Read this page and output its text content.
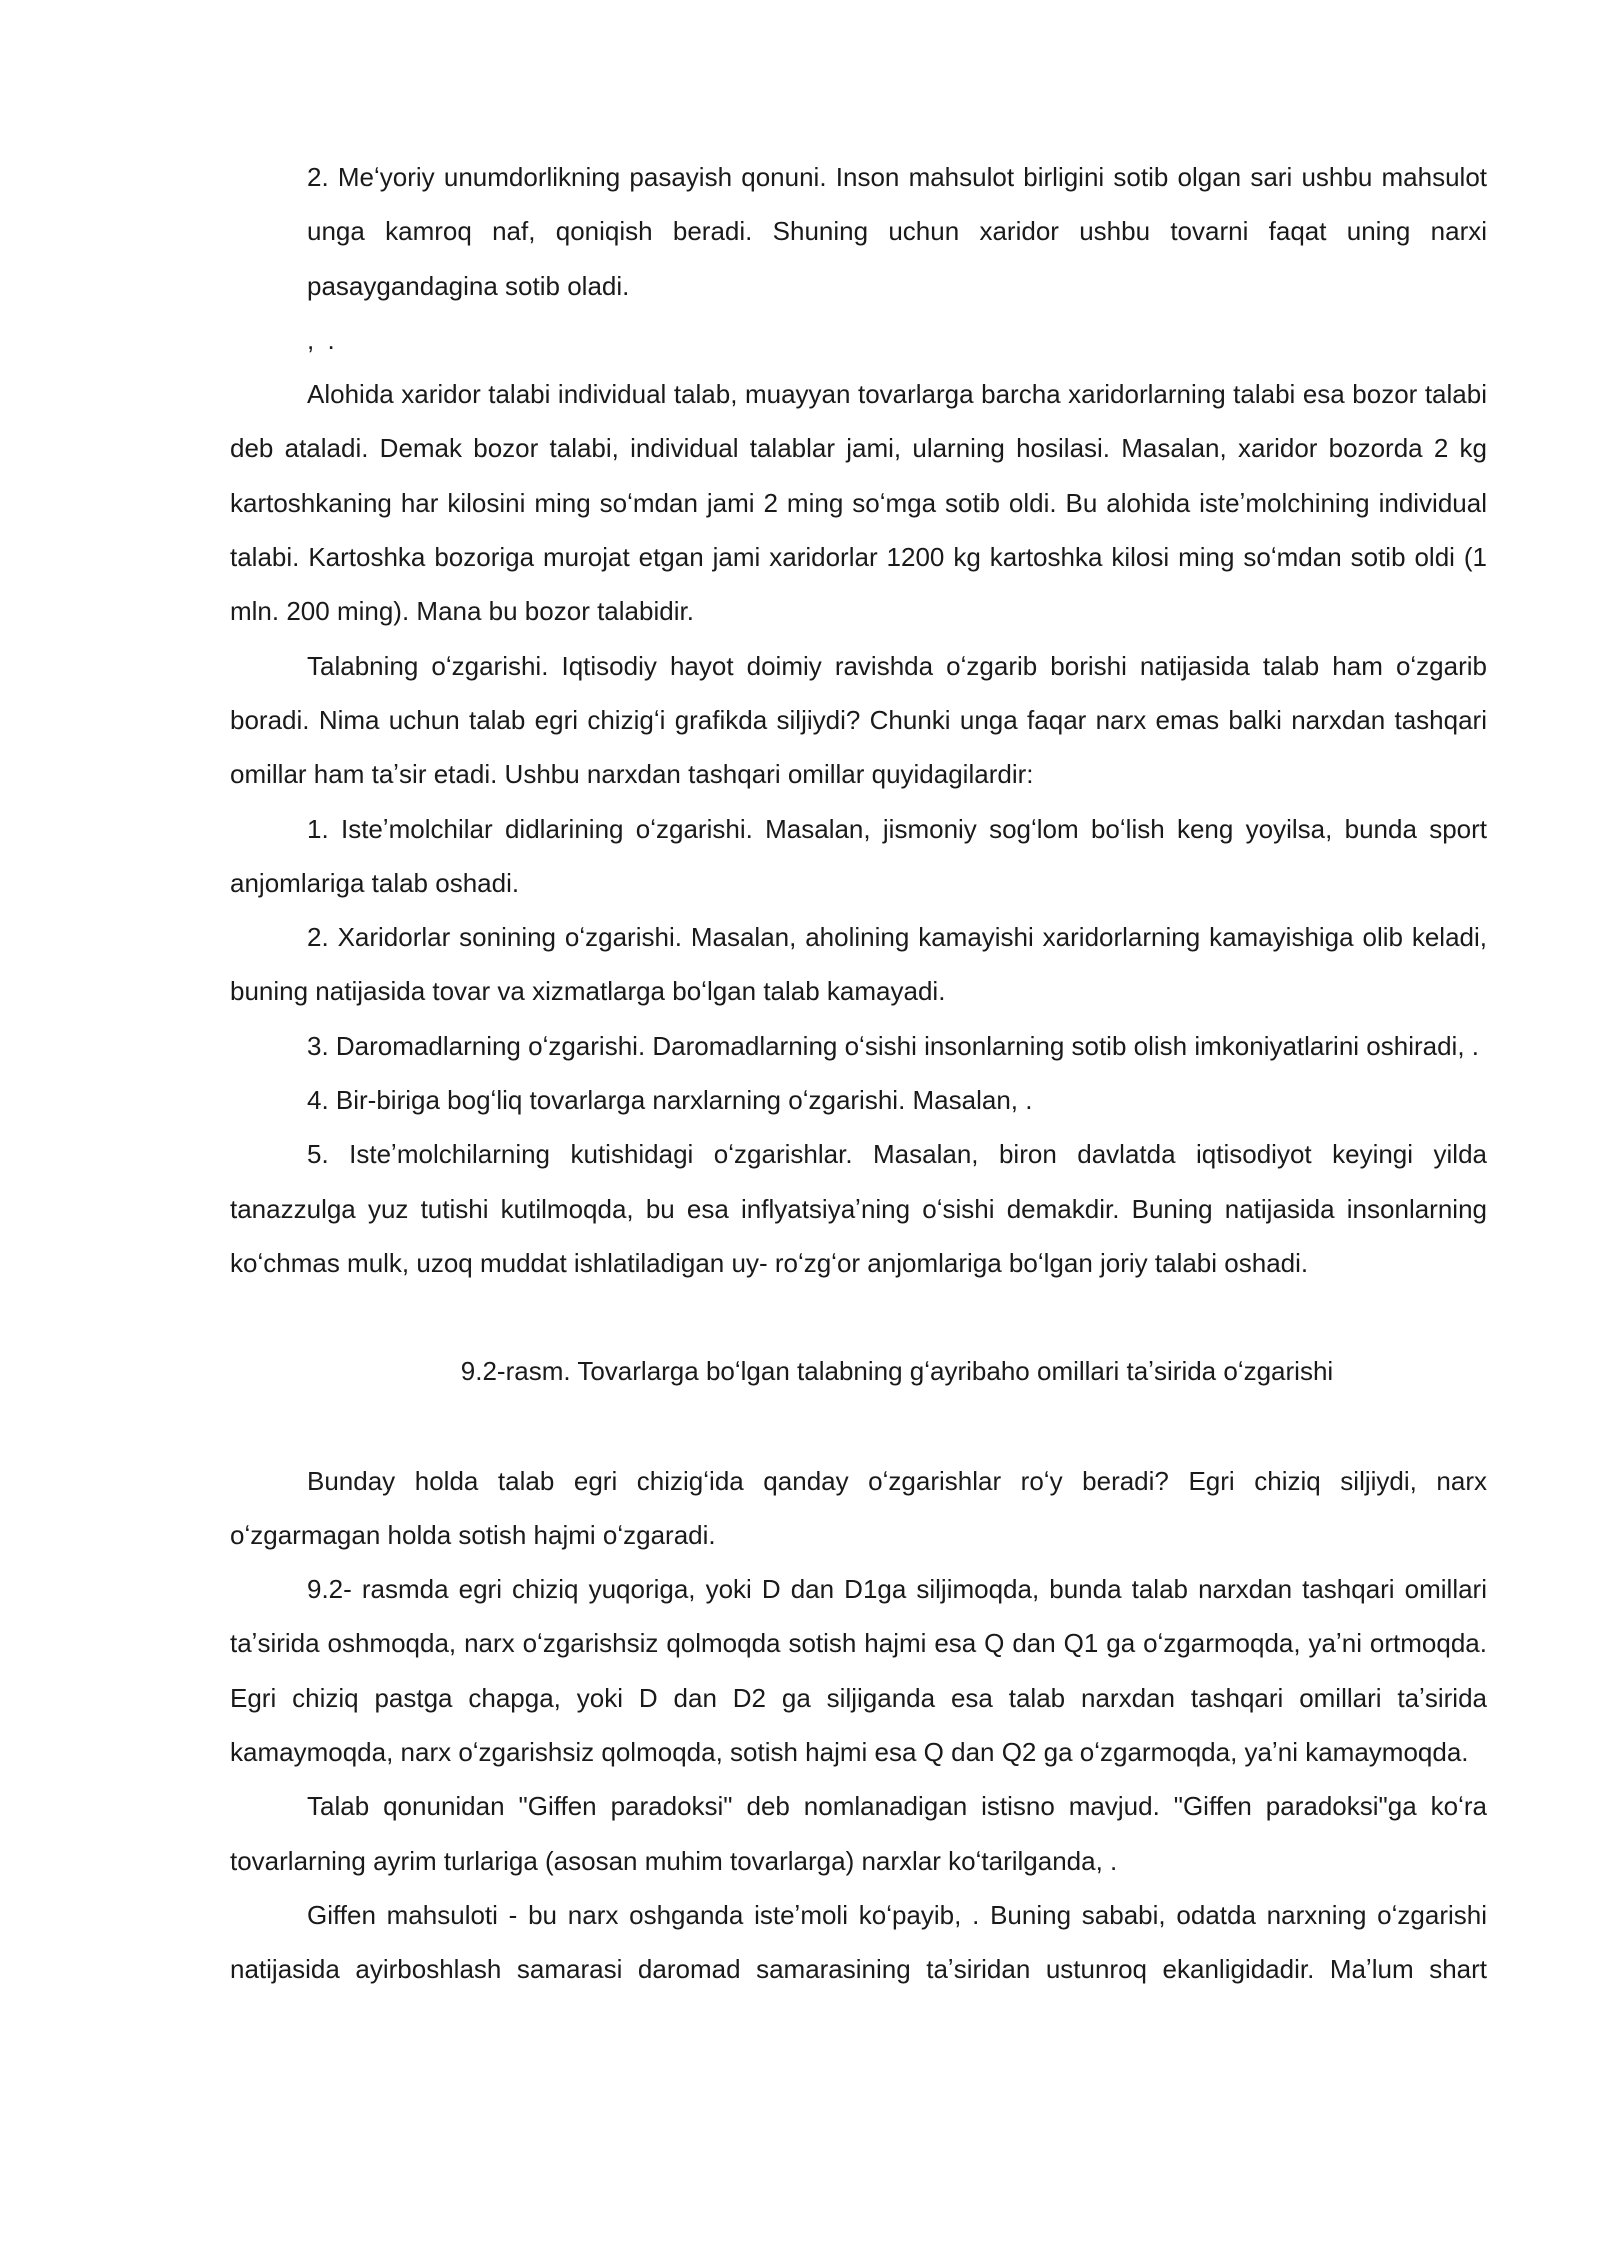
2. Meʻyoriy unumdorlikning pasayish qonuni. Inson mahsulot birligini sotib olgan sari ushbu mahsulot unga kamroq naf, qoniqish beradi. Shuning uchun xaridor ushbu tovarni faqat uning narxi pasaygandagina sotib oladi.

, .

Alohida xaridor talabi individual talab, muayyan tovarlarga barcha xaridorlarning talabi esa bozor talabi deb ataladi. Demak bozor talabi, individual talablar jami, ularning hosilasi. Masalan, xaridor bozorda 2 kg kartoshkaning har kilosini ming soʻmdan jami 2 ming soʻmga sotib oldi. Bu alohida isteʼmolchining individual talabi. Kartoshka bozoriga murojat etgan jami xaridorlar 1200 kg kartoshka kilosi ming soʻmdan sotib oldi (1 mln. 200 ming). Mana bu bozor talabidir.

Talabning oʻzgarishi. Iqtisodiy hayot doimiy ravishda oʻzgarib borishi natijasida talab ham oʻzgarib boradi. Nima uchun talab egri chizigʻi grafikda siljiydi? Chunki unga faqar narx emas balki narxdan tashqari omillar ham taʼsir etadi. Ushbu narxdan tashqari omillar quyidagilardir:

1. Isteʼmolchilar didlarining oʻzgarishi. Masalan, jismoniy sogʻlom boʻlish keng yoyilsa, bunda sport anjomlariga talab oshadi.

2. Xaridorlar sonining oʻzgarishi. Masalan, aholining kamayishi xaridorlarning kamayishiga olib keladi, buning natijasida tovar va xizmatlarga boʻlgan talab kamayadi.

3. Daromadlarning oʻzgarishi. Daromadlarning oʻsishi insonlarning sotib olish imkoniyatlarini oshiradi, .

4. Bir-biriga bogʻliq tovarlarga narxlarning oʻzgarishi. Masalan, .

5. Isteʼmolchilarning kutishidagi oʻzgarishlar. Masalan, biron davlatda iqtisodiyot keyingi yilda tanazzulga yuz tutishi kutilmoqda, bu esa inflyatsiyaʼning oʻsishi demakdir. Buning natijasida insonlarning koʻchmas mulk, uzoq muddat ishlatiladigan uy- roʻzgʻor anjomlariga boʻlgan joriy talabi oshadi.

9.2-rasm. Tovarlarga boʻlgan talabning gʻayribaho omillari taʼsirida oʻzgarishi

Bunday holda talab egri chizigʻida qanday oʻzgarishlar roʻy beradi? Egri chiziq siljiydi, narx oʻzgarmagan holda sotish hajmi oʻzgaradi.

9.2- rasmda egri chiziq yuqoriga, yoki D dan D1ga siljimoqda, bunda talab narxdan tashqari omillari taʼsirida oshmoqda, narx oʻzgarishsiz qolmoqda sotish hajmi esa Q dan Q1 ga oʻzgarmoqda, yaʼni ortmoqda. Egri chiziq pastga chapga, yoki D dan D2 ga siljiganda esa talab narxdan tashqari omillari taʼsirida kamaymoqda, narx oʻzgarishsiz qolmoqda, sotish hajmi esa Q dan Q2 ga oʻzgarmoqda, yaʼni kamaymoqda.

Talab qonunidan "Giffen paradoksi" deb nomlanadigan istisno mavjud. "Giffen paradoksi"ga koʻra tovarlarning ayrim turlariga (asosan muhim tovarlarga) narxlar koʻtarilganda, .

Giffen mahsuloti - bu narx oshganda isteʼmoli koʻpayib, . Buning sababi, odatda narxning oʻzgarishi natijasida ayirboshlash samarasi daromad samarasining taʼsiridan ustunroq ekanligidadir. Maʼlum shart
